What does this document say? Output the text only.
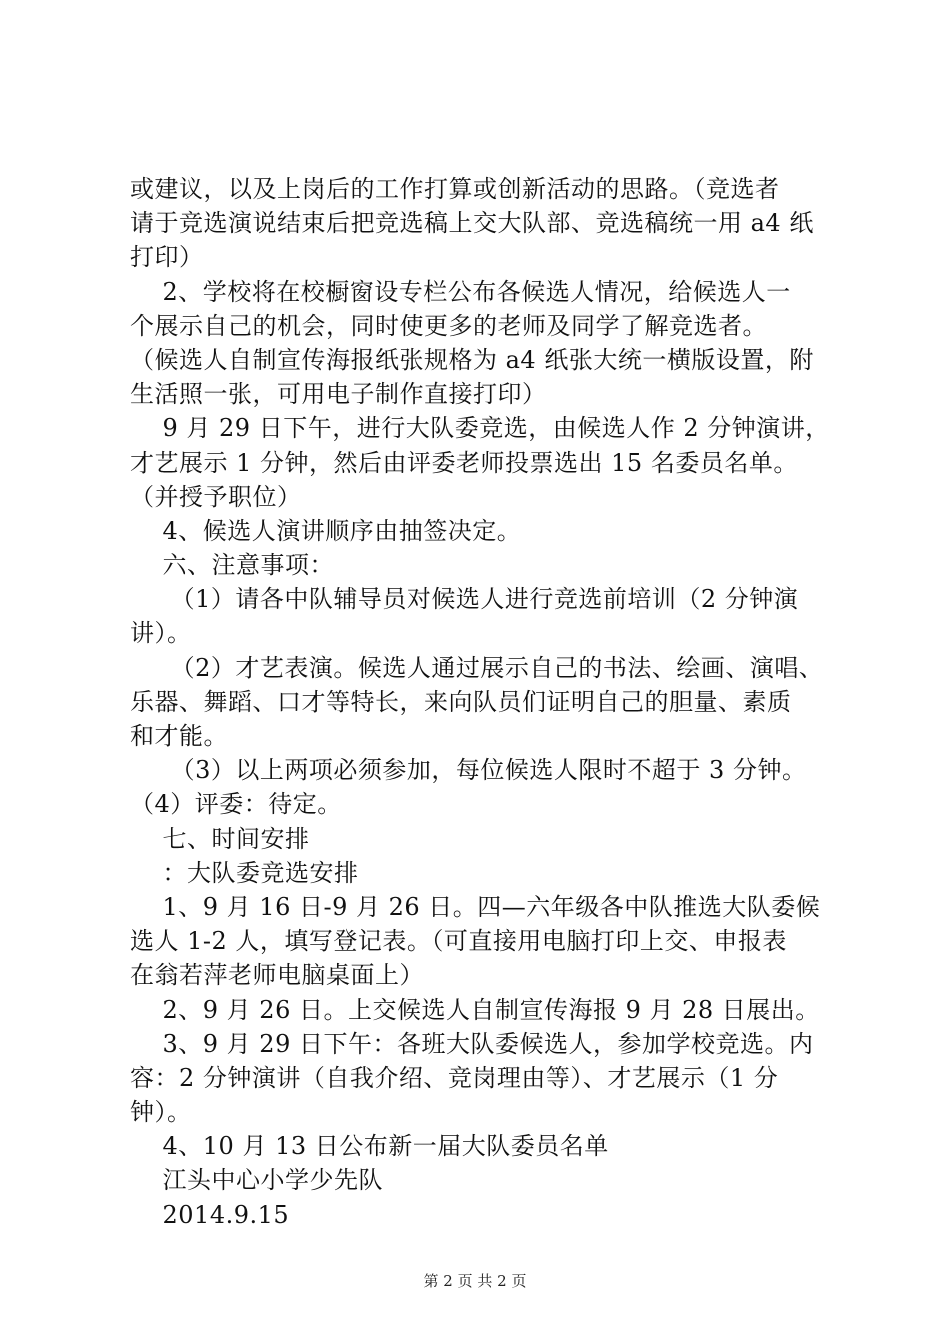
或建议，以及上岗后的工作打算或创新活动的思路。（竞选者
请于竞选演说结束后把竞选稿上交大队部、竞选稿统一用 a4 纸
打印）
2、学校将在校橱窗设专栏公布各候选人情况，给候选人一
个展示自己的机会，同时使更多的老师及同学了解竞选者。
（候选人自制宣传海报纸张规格为 a4 纸张大统一横版设置，附
生活照一张，可用电子制作直接打印）
9 月 29 日下午，进行大队委竞选，由候选人作 2 分钟演讲，
才艺展示 1 分钟，然后由评委老师投票选出 15 名委员名单。
（并授予职位）
4、候选人演讲顺序由抽签决定。
六、注意事项：
（1）请各中队辅导员对候选人进行竞选前培训（2 分钟演
讲）。
（2）才艺表演。候选人通过展示自己的书法、绘画、演唱、
乐器、舞蹈、口才等特长，来向队员们证明自己的胆量、素质
和才能。
（3）以上两项必须参加，每位候选人限时不超于 3 分钟。
（4）评委：待定。
七、时间安排
：大队委竞选安排
1、9 月 16 日-9 月 26 日。四—六年级各中队推选大队委候
选人 1-2 人，填写登记表。（可直接用电脑打印上交、申报表
在翁若萍老师电脑桌面上）
2、9 月 26 日。上交候选人自制宣传海报 9 月 28 日展出。
3、9 月 29 日下午：各班大队委候选人，参加学校竞选。内
容：2 分钟演讲（自我介绍、竞岗理由等）、才艺展示（1 分
钟）。
4、10 月 13 日公布新一届大队委员名单
江头中心小学少先队
2014.9.15
第 2 页 共 2 页
